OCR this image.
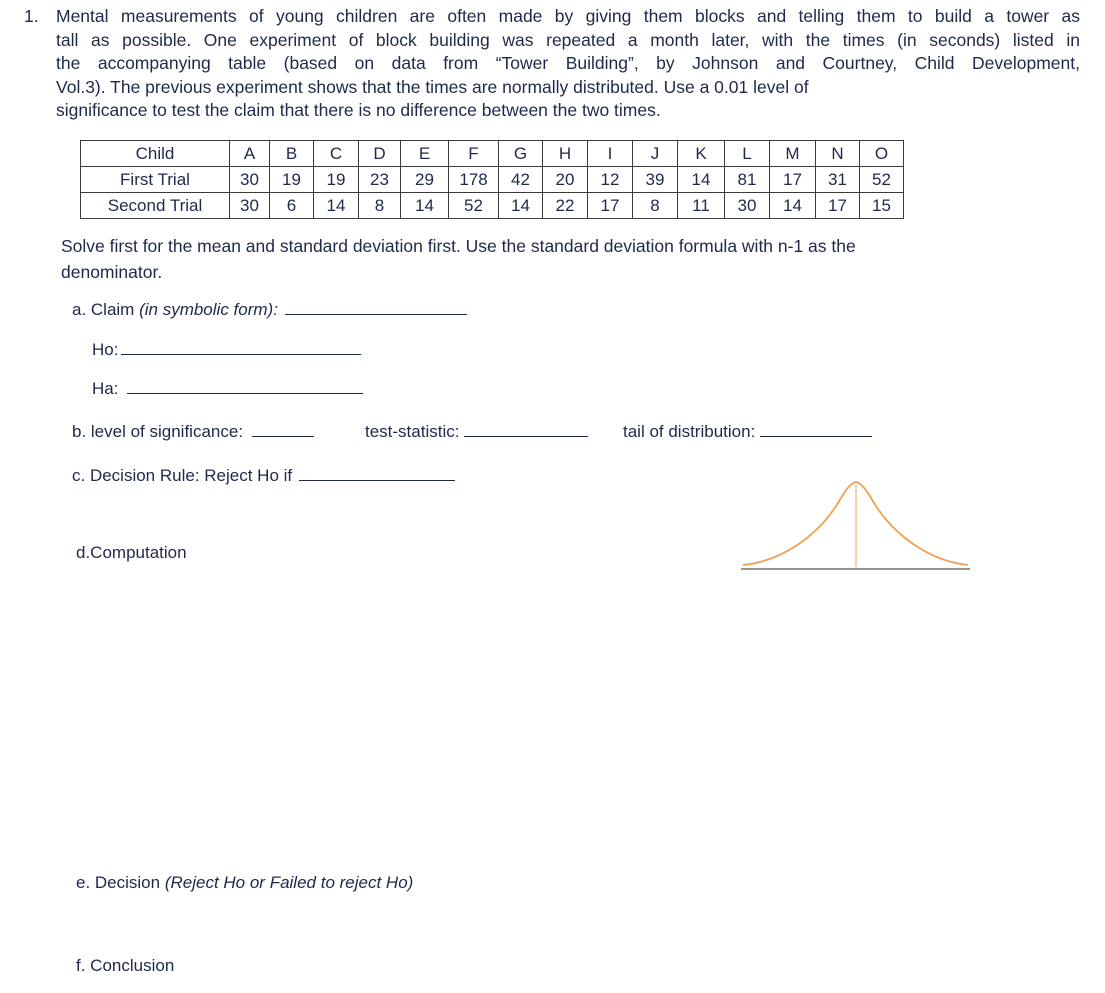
1. Mental measurements of young children are often made by giving them blocks and telling them to build a tower as
tall as possible. One experiment of block building was repeated a month later, with the times (in seconds) listed in
the accompanying table (based on data from “Tower Building”, by Johnson and Courtney, Child Development,
Vol.3). The previous experiment shows that the times are normally distributed. Use a 0.01 level of
significance to test the claim that there is no difference between the two times.
Child	A	B	C	D	E	F	G	H	I	J	K	L	M	N	O
First Trial	30	19	19	23	29	178	42	20	12	39	14	81	17	31	52
Second Trial	30	6	14	8	14	52	14	22	17	8	11	30	14	17	15
Solve first for the mean and standard deviation first. Use the standard deviation formula with n-1 as the
denominator.
a. Claim (in symbolic form):
Ho:
Ha:
b. level of significance:	test-statistic:	tail of distribution:
c. Decision Rule: Reject Ho if
d.Computation
e. Decision (Reject Ho or Failed to reject Ho)
f. Conclusion
